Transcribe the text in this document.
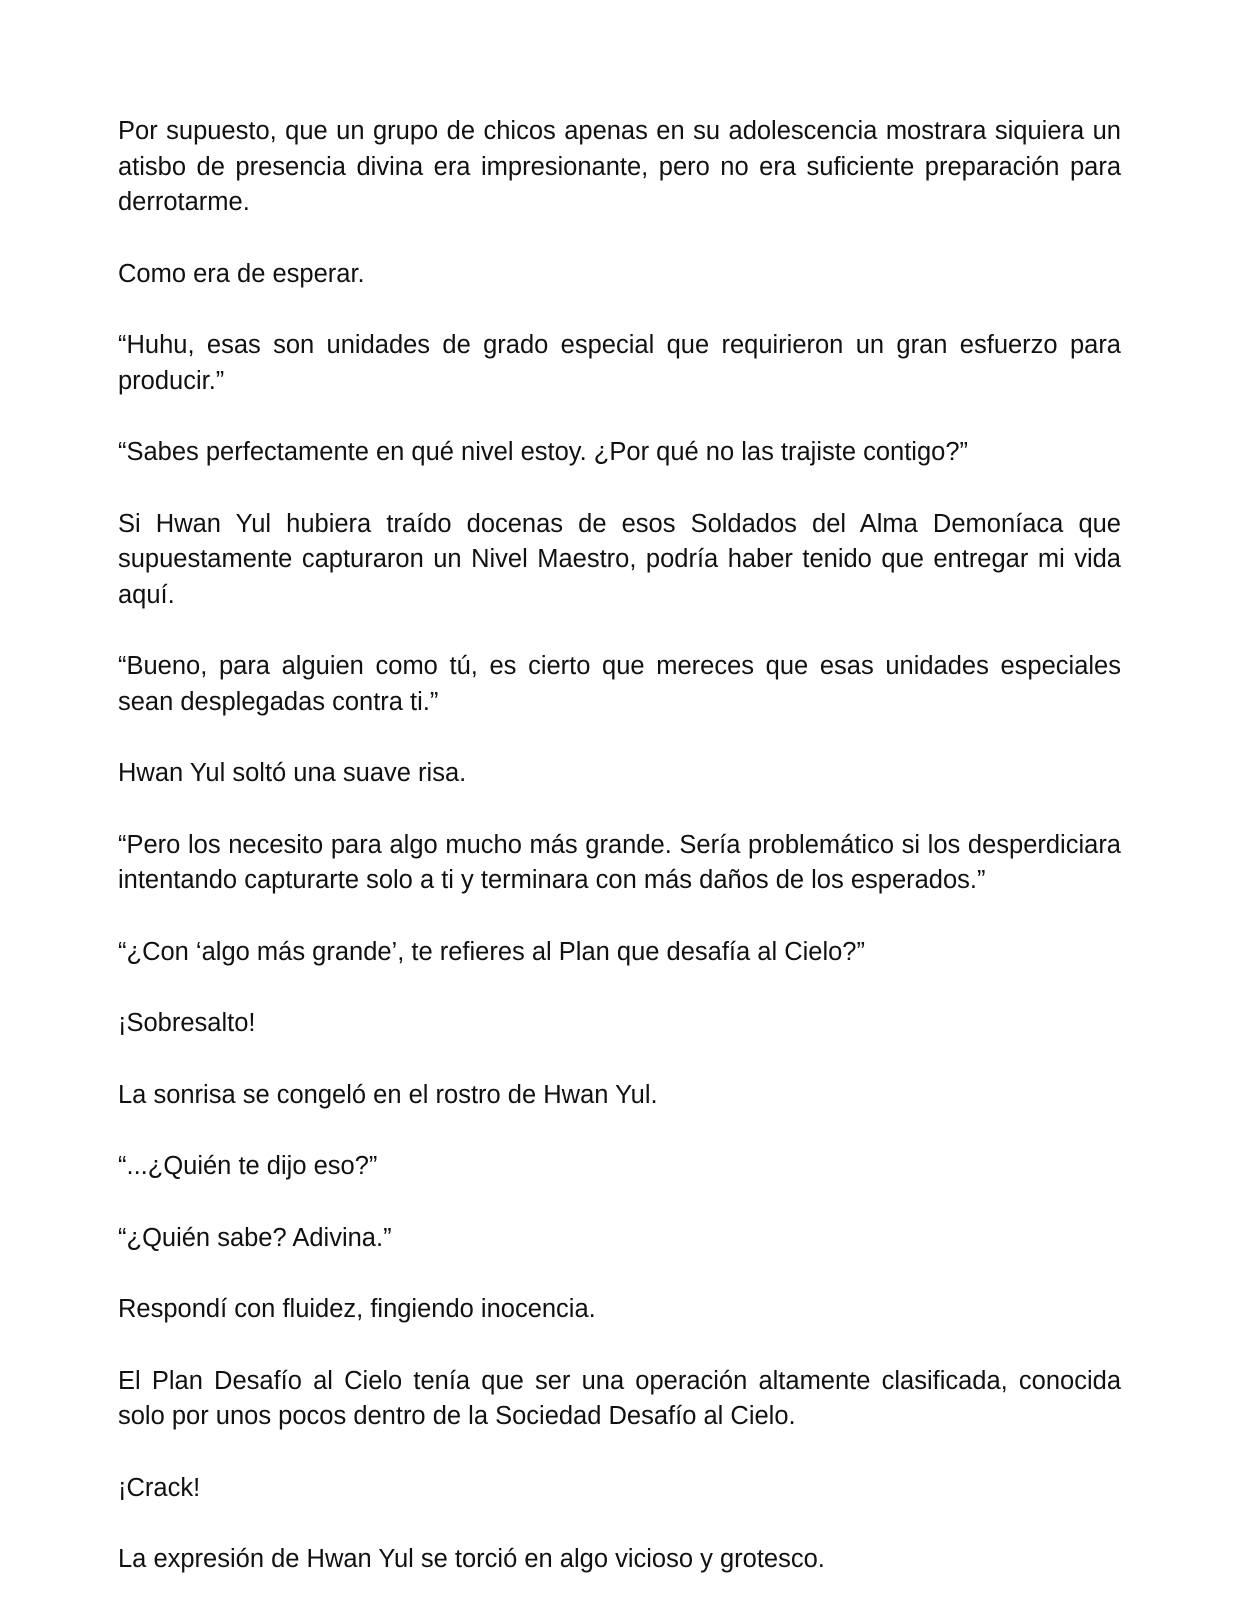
Por supuesto, que un grupo de chicos apenas en su adolescencia mostrara siquiera un atisbo de presencia divina era impresionante, pero no era suficiente preparación para derrotarme.

Como era de esperar.

“Huhu, esas son unidades de grado especial que requirieron un gran esfuerzo para producir.”

“Sabes perfectamente en qué nivel estoy. ¿Por qué no las trajiste contigo?”

Si Hwan Yul hubiera traído docenas de esos Soldados del Alma Demoníaca que supuestamente capturaron un Nivel Maestro, podría haber tenido que entregar mi vida aquí.

“Bueno, para alguien como tú, es cierto que mereces que esas unidades especiales sean desplegadas contra ti.”

Hwan Yul soltó una suave risa.

“Pero los necesito para algo mucho más grande. Sería problemático si los desperdiciara intentando capturarte solo a ti y terminara con más daños de los esperados.”

“¿Con ‘algo más grande’, te refieres al Plan que desafía al Cielo?”

¡Sobresalto!

La sonrisa se congeló en el rostro de Hwan Yul.

“...¿Quién te dijo eso?”

“¿Quién sabe? Adivina.”

Respondí con fluidez, fingiendo inocencia.

El Plan Desafío al Cielo tenía que ser una operación altamente clasificada, conocida solo por unos pocos dentro de la Sociedad Desafío al Cielo.

¡Crack!

La expresión de Hwan Yul se torció en algo vicioso y grotesco.
